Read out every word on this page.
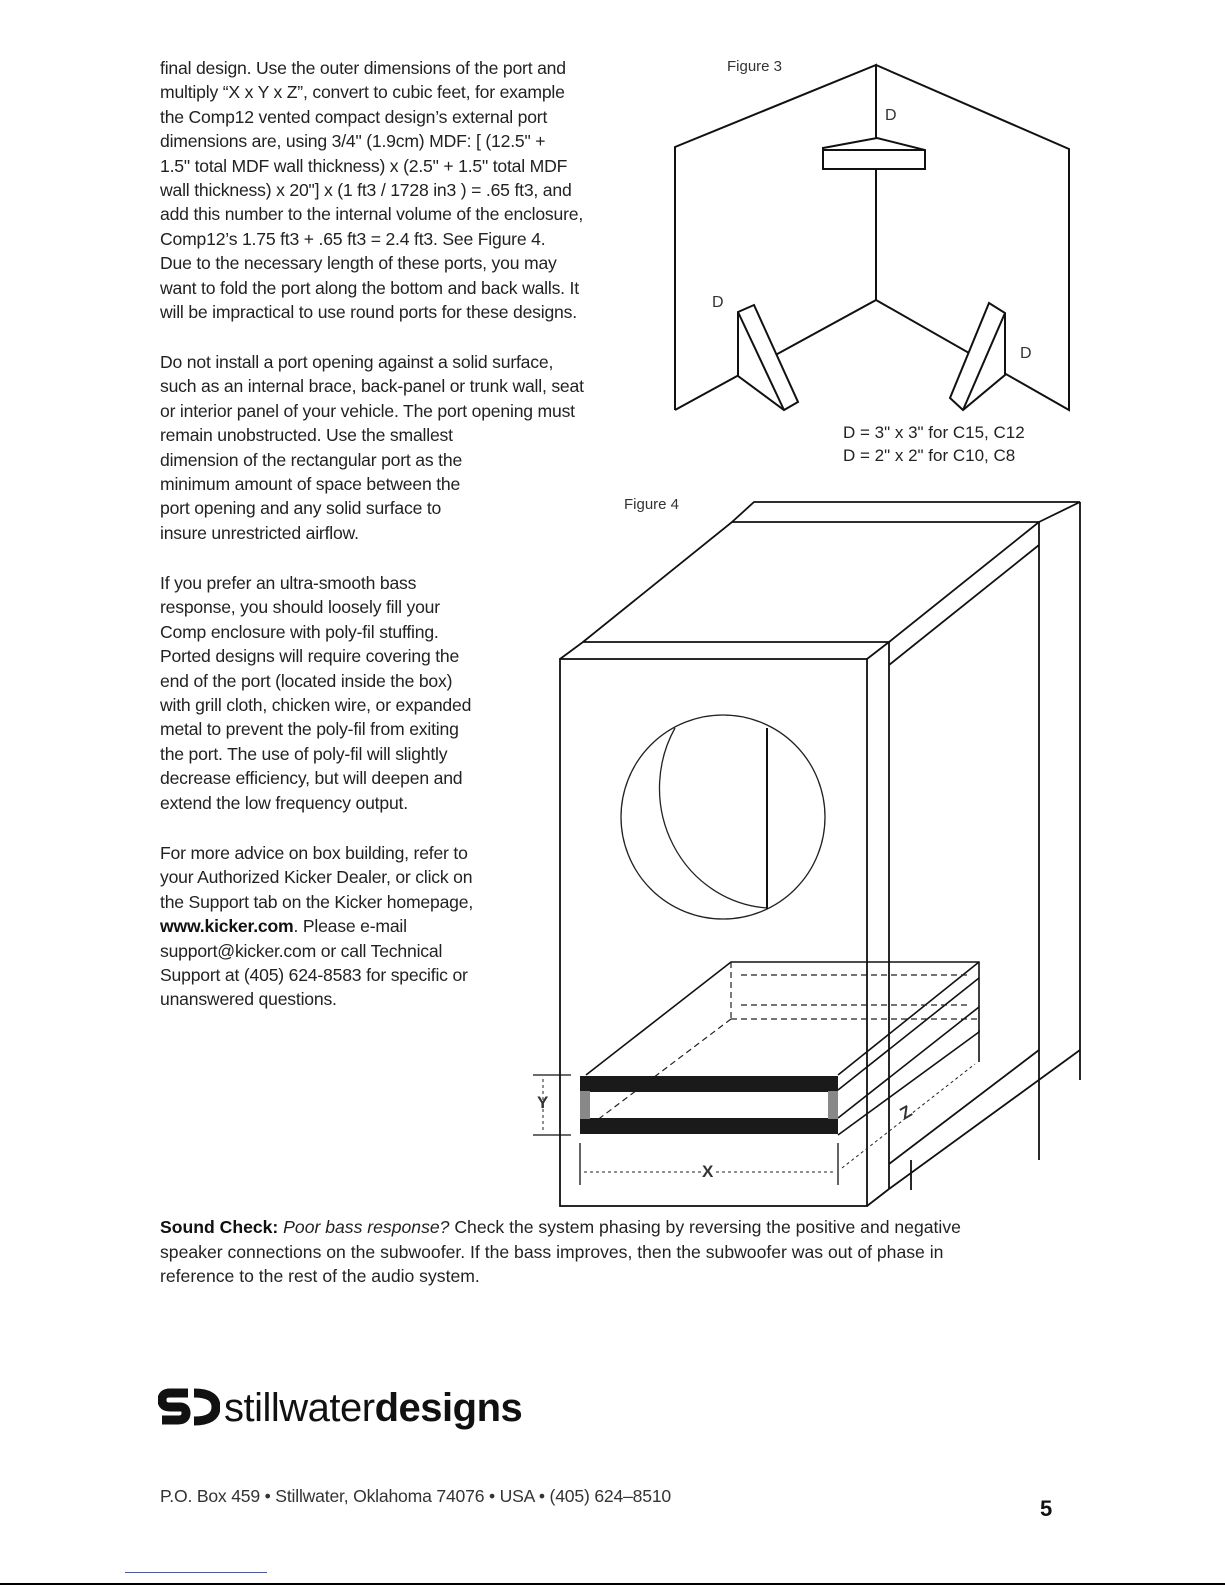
final design. Use the outer dimensions of the port and
multiply “X x Y x Z”, convert to cubic feet, for example
the Comp12 vented compact design’s external port
dimensions are, using 3/4" (1.9cm) MDF: [ (12.5" +
1.5" total MDF wall thickness) x (2.5" + 1.5" total MDF
wall thickness) x 20"] x (1 ft3 / 1728 in3 ) = .65 ft3, and
add this number to the internal volume of the enclosure,
Comp12’s 1.75 ft3 + .65 ft3 = 2.4 ft3. See Figure 4.
Due to the necessary length of these ports, you may
want to fold the port along the bottom and back walls. It
will be impractical to use round ports for these designs.
Do not install a port opening against a solid surface,
such as an internal brace, back-panel or trunk wall, seat
or interior panel of your vehicle. The port opening must
remain unobstructed. Use the smallest
dimension of the rectangular port as the
minimum amount of space between the
port opening and any solid surface to
insure unrestricted airflow.
If you prefer an ultra-smooth bass
response, you should loosely fill your
Comp enclosure with poly-fil stuffing.
Ported designs will require covering the
end of the port (located inside the box)
with grill cloth, chicken wire, or expanded
metal to prevent the poly-fil from exiting
the port. The use of poly-fil will slightly
decrease efficiency, but will deepen and
extend the low frequency output.
For more advice on box building, refer to
your Authorized Kicker Dealer, or click on
the Support tab on the Kicker homepage,
www.kicker.com. Please e-mail
support@kicker.com or call Technical
Support at (405) 624-8583 for specific or
unanswered questions.
Figure 3
D
D
D
D = 3" x 3" for C15, C12
D = 2" x 2" for C10, C8
Figure 4
Y
X
Z
Sound Check: Poor bass response? Check the system phasing by reversing the positive and negative
speaker connections on the subwoofer. If the bass improves, then the subwoofer was out of phase in
reference to the rest of the audio system.
stillwaterdesigns
P.O. Box 459 • Stillwater, Oklahoma 74076 • USA • (405) 624–8510	5
